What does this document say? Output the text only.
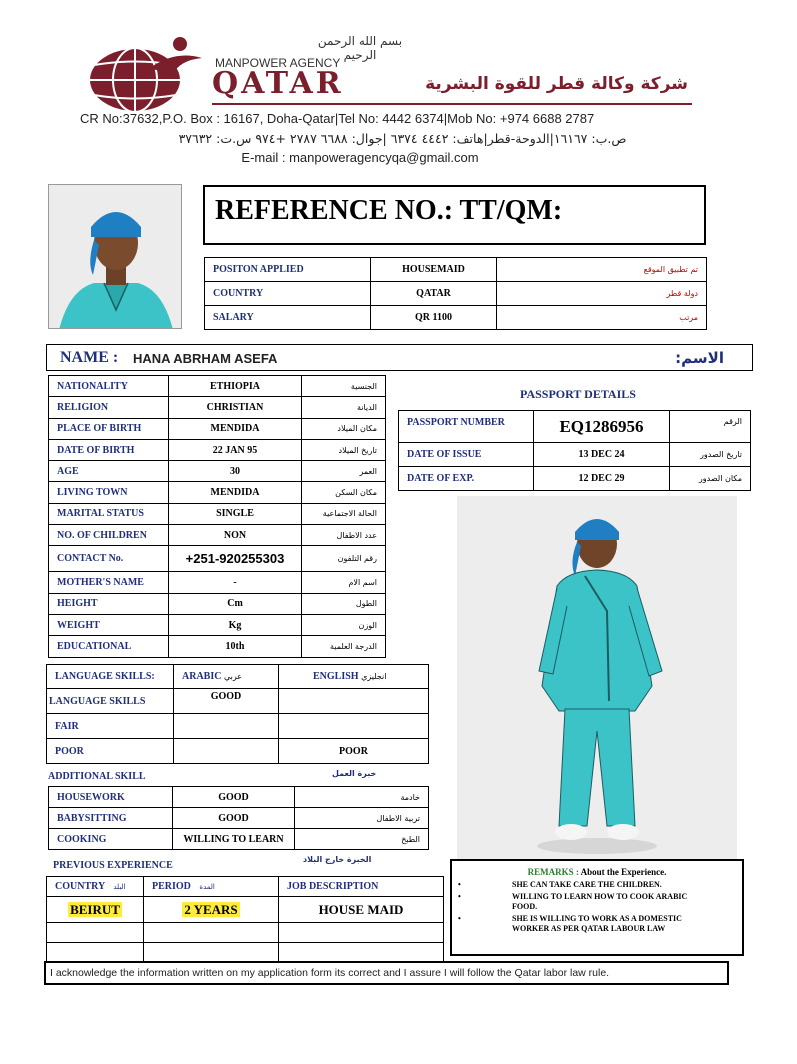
بسم الله الرحمن الرحيم
MANPOWER AGENCY
QATAR	شركة وكالة قطر للقوة البشرية
CR No:37632,P.O. Box : 16167, Doha-Qatar|Tel No: 4442 6374|Mob No: +974 6688 2787
ص.ب: ١٦١٦٧|الدوحة-قطر|هاتف: ٤٤٤٢ ٦٣٧٤ |جوال: ٦٦٨٨ ٢٧٨٧ +٩٧٤ س.ت: ٣٧٦٣٢
E-mail : manpoweragencyqa@gmail.com
REFERENCE NO.: TT/QM:
POSITON APPLIED	HOUSEMAID	تم تطبيق الموقع
COUNTRY	QATAR	دولة قطر
SALARY	QR 1100	مرتب
NAME : HANA ABRHAM ASEFA	الاسم:
NATIONALITY	ETHIOPIA	الجنسية
RELIGION	CHRISTIAN	الديانة
PLACE OF BIRTH	MENDIDA	مكان الميلاد
DATE OF BIRTH	22 JAN 95	تاريخ الميلاد
AGE	30	العمر
LIVING TOWN	MENDIDA	مكان السكن
MARITAL STATUS	SINGLE	الحالة الاجتماعية
NO. OF CHILDREN	NON	عدد الاطفال
CONTACT No.	+251-920255303	رقم التلفون
MOTHER'S NAME	-	اسم الام
HEIGHT	Cm	الطول
WEIGHT	Kg	الوزن
EDUCATIONAL	10th	الدرجة العلمية
PASSPORT DETAILS
PASSPORT NUMBER	EQ1286956	الرقم
DATE OF ISSUE	13 DEC 24	تاريخ الصدور
DATE OF EXP.	12 DEC 29	مكان الصدور
LANGUAGE SKILLS:	ARABIC عربي	ENGLISH انجليزي
LANGUAGE SKILLS	GOOD	
FAIR		
POOR		POOR
ADDITIONAL SKILL	خبرة العمل
HOUSEWORK	GOOD	خادمة
BABYSITTING	GOOD	تربية الاطفال
COOKING	WILLING TO LEARN	الطبخ
PREVIOUS EXPERIENCE
الخبرة خارج البلاد
COUNTRY البلد	PERIOD المدة	JOB DESCRIPTION
BEIRUT	2 YEARS	HOUSE MAID

REMARKS : About the Experience.
•	SHE CAN TAKE CARE THE CHILDREN.
•	WILLING TO LEARN HOW TO COOK ARABIC FOOD.
•	SHE IS WILLING TO WORK AS A DOMESTIC WORKER AS PER QATAR LABOUR LAW
I acknowledge the information written on my application form its correct and I assure I will follow the Qatar labor law rule.
